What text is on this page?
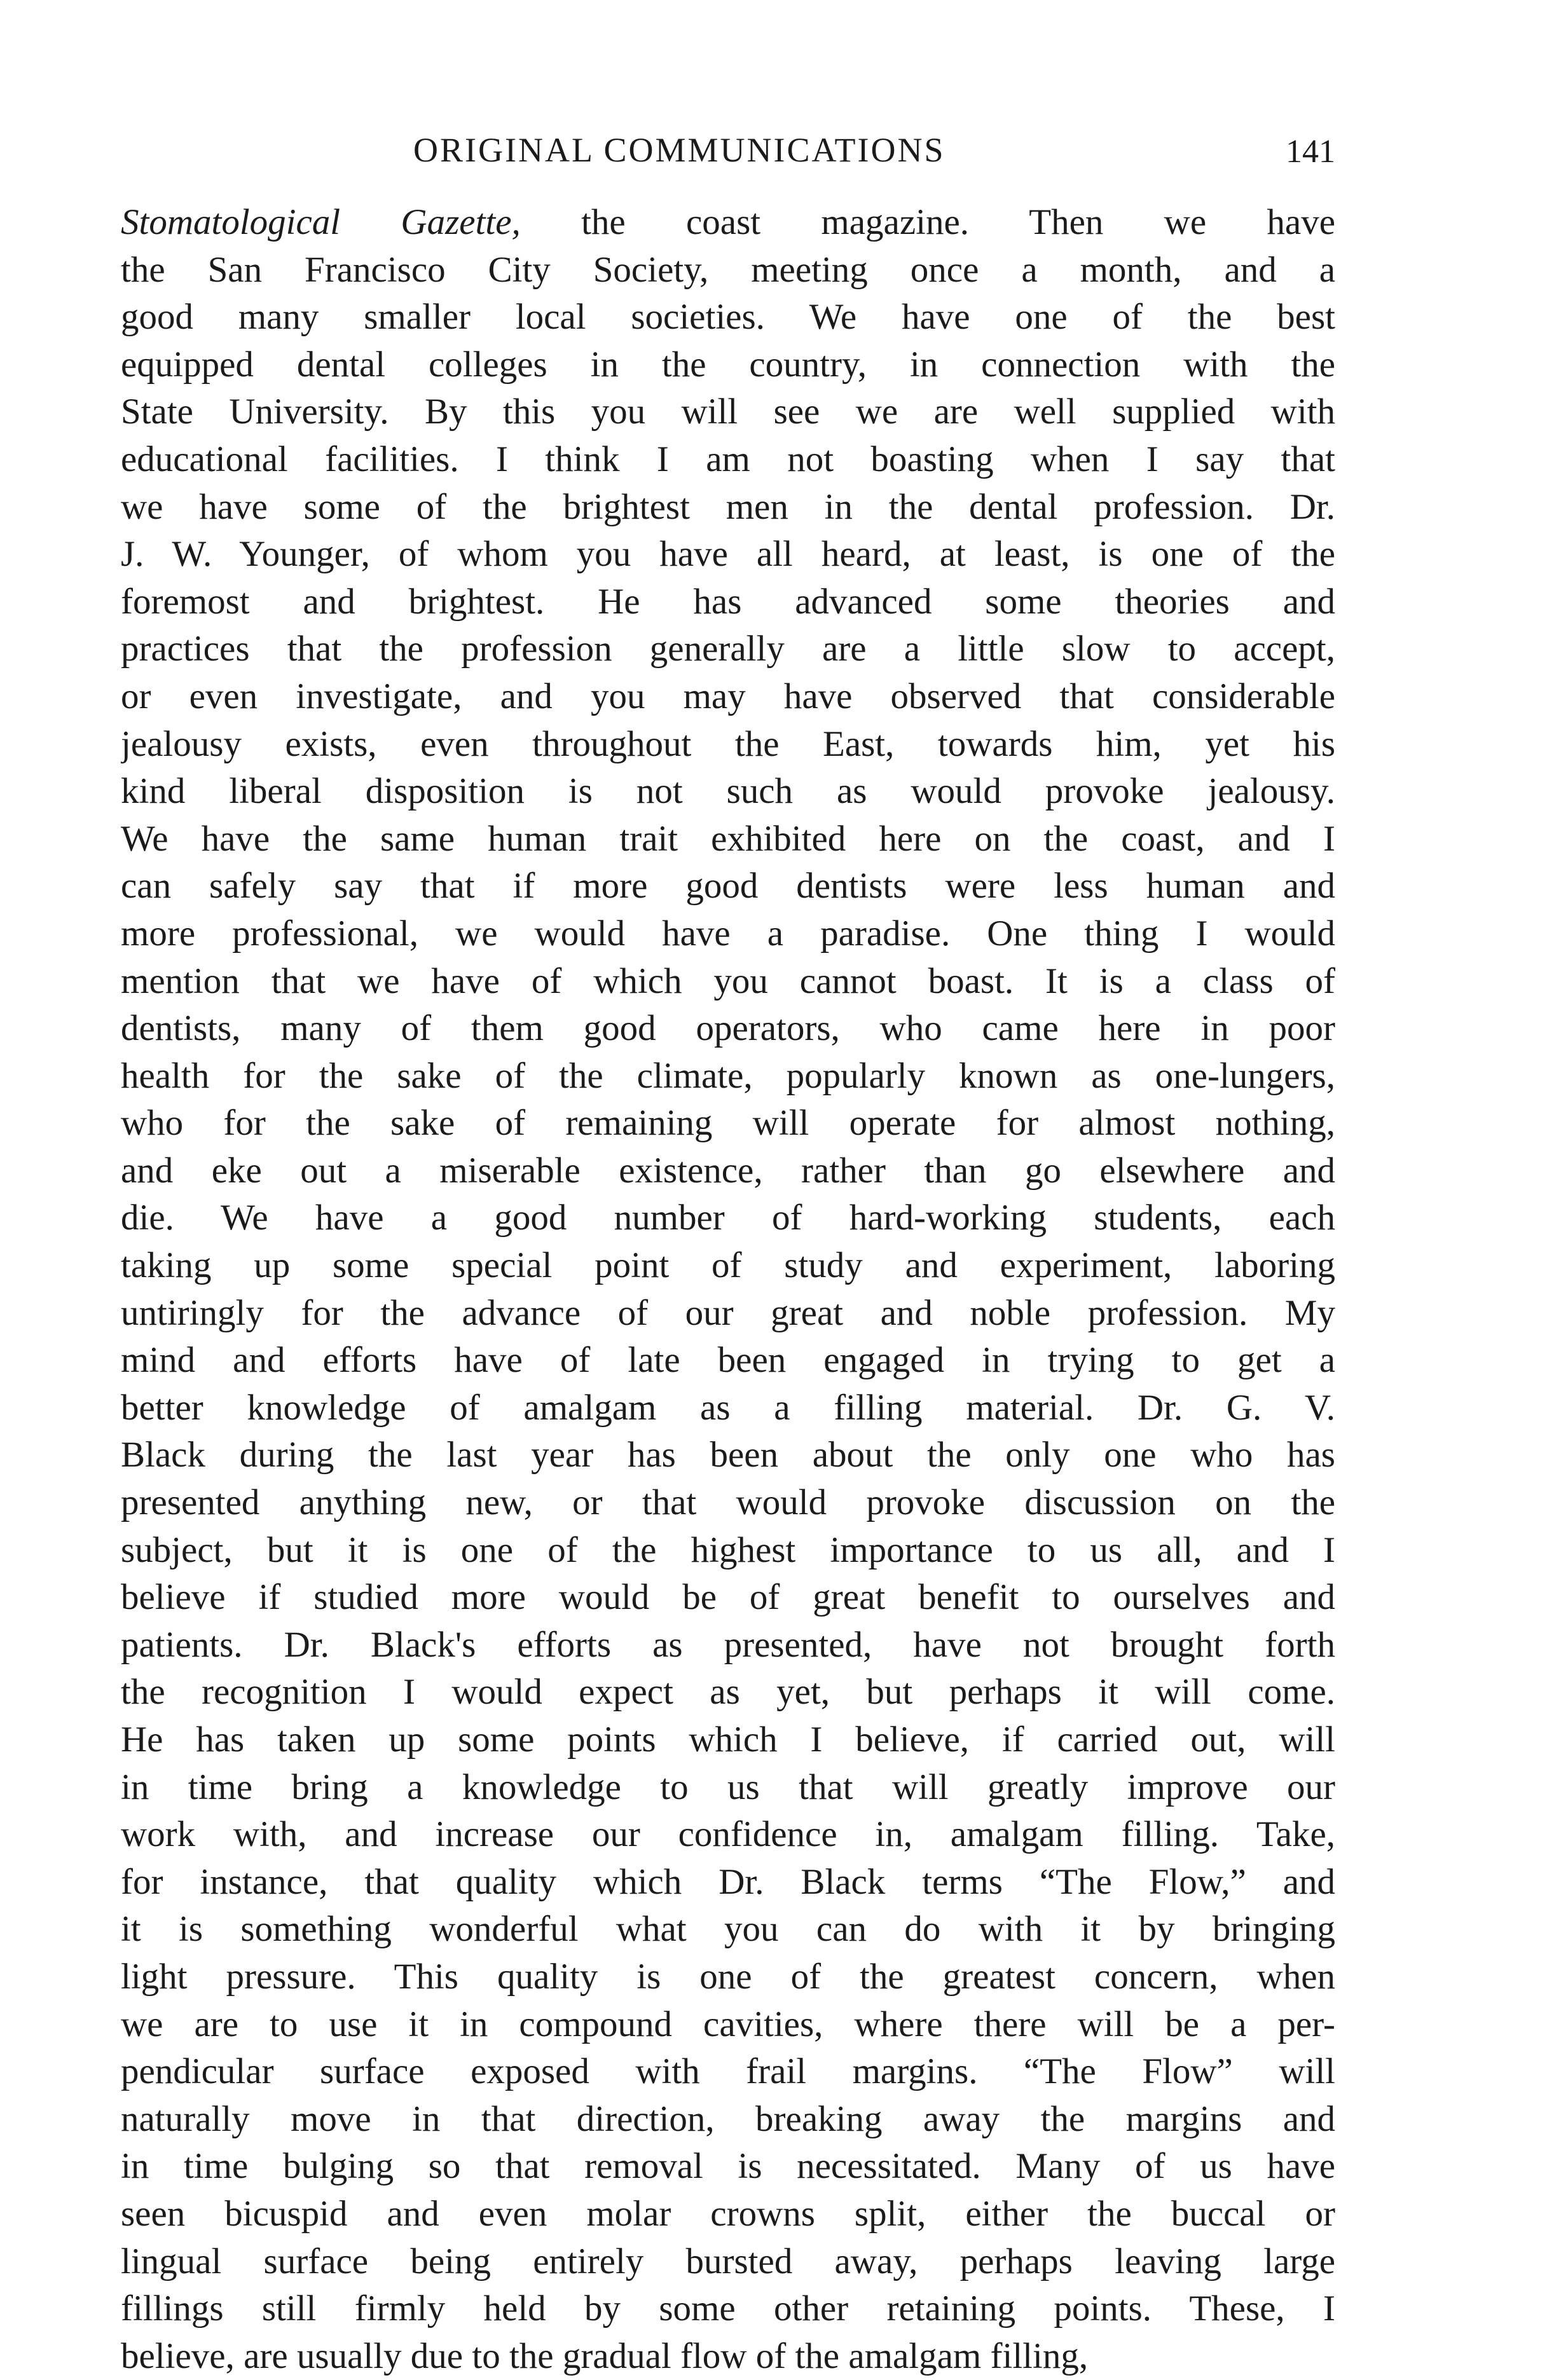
ORIGINAL COMMUNICATIONS	141
Stomatological Gazette, the coast magazine. Then we have
the San Francisco City Society, meeting once a month, and a
good many smaller local societies. We have one of the best
equipped dental colleges in the country, in connection with the
State University. By this you will see we are well supplied with
educational facilities. I think I am not boasting when I say that
we have some of the brightest men in the dental profession. Dr.
J. W. Younger, of whom you have all heard, at least, is one of the
foremost and brightest. He has advanced some theories and
practices that the profession generally are a little slow to accept,
or even investigate, and you may have observed that considerable
jealousy exists, even throughout the East, towards him, yet his
kind liberal disposition is not such as would provoke jealousy.
We have the same human trait exhibited here on the coast, and I
can safely say that if more good dentists were less human and
more professional, we would have a paradise. One thing I would
mention that we have of which you cannot boast. It is a class of
dentists, many of them good operators, who came here in poor
health for the sake of the climate, popularly known as one-lungers,
who for the sake of remaining will operate for almost nothing,
and eke out a miserable existence, rather than go elsewhere and
die. We have a good number of hard-working students, each
taking up some special point of study and experiment, laboring
untiringly for the advance of our great and noble profession. My
mind and efforts have of late been engaged in trying to get a
better knowledge of amalgam as a filling material. Dr. G. V.
Black during the last year has been about the only one who has
presented anything new, or that would provoke discussion on the
subject, but it is one of the highest importance to us all, and I
believe if studied more would be of great benefit to ourselves and
patients. Dr. Black's efforts as presented, have not brought forth
the recognition I would expect as yet, but perhaps it will come.
He has taken up some points which I believe, if carried out, will
in time bring a knowledge to us that will greatly improve our
work with, and increase our confidence in, amalgam filling. Take,
for instance, that quality which Dr. Black terms “The Flow,” and
it is something wonderful what you can do with it by bringing
light pressure. This quality is one of the greatest concern, when
we are to use it in compound cavities, where there will be a per-
pendicular surface exposed with frail margins. “The Flow” will
naturally move in that direction, breaking away the margins and
in time bulging so that removal is necessitated. Many of us have
seen bicuspid and even molar crowns split, either the buccal or
lingual surface being entirely bursted away, perhaps leaving large
fillings still firmly held by some other retaining points. These, I
believe, are usually due to the gradual flow of the amalgam filling,
